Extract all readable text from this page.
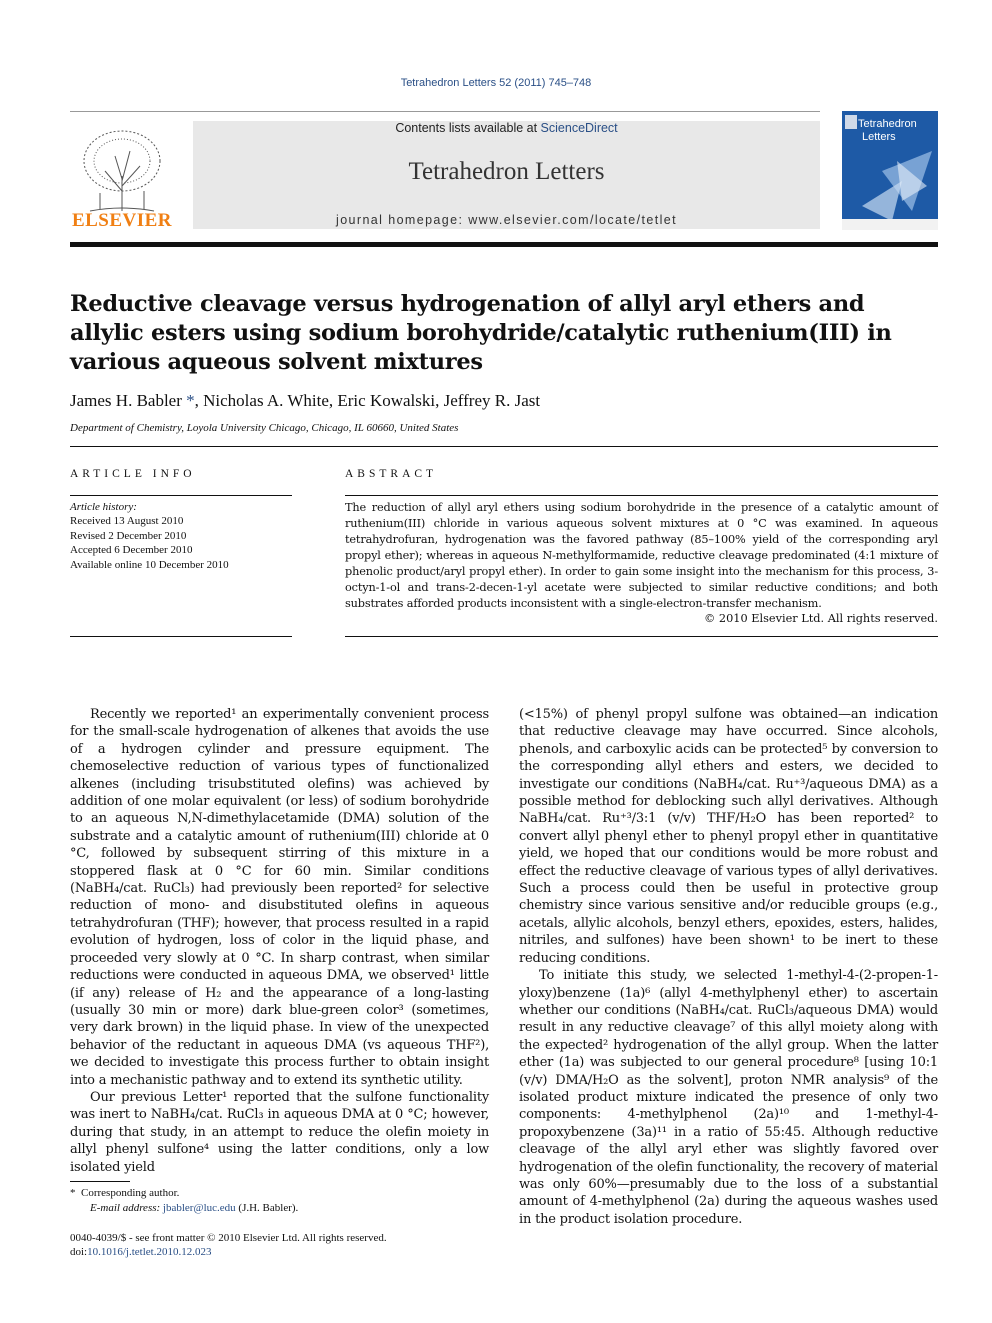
Tetrahedron Letters 52 (2011) 745–748
ELSEVIER
Contents lists available at ScienceDirect
Tetrahedron Letters
journal homepage: www.elsevier.com/locate/tetlet
Tetrahedron
Letters
Reductive cleavage versus hydrogenation of allyl aryl ethers and allylic esters using sodium borohydride/catalytic ruthenium(III) in various aqueous solvent mixtures
James H. Babler *, Nicholas A. White, Eric Kowalski, Jeffrey R. Jast
Department of Chemistry, Loyola University Chicago, Chicago, IL 60660, United States
ARTICLE INFO
Article history:
Received 13 August 2010
Revised 2 December 2010
Accepted 6 December 2010
Available online 10 December 2010
ABSTRACT
The reduction of allyl aryl ethers using sodium borohydride in the presence of a catalytic amount of ruthenium(III) chloride in various aqueous solvent mixtures at 0 °C was examined. In aqueous tetrahydrofuran, hydrogenation was the favored pathway (85–100% yield of the corresponding aryl propyl ether); whereas in aqueous N-methylformamide, reductive cleavage predominated (4:1 mixture of phenolic product/aryl propyl ether). In order to gain some insight into the mechanism for this process, 3-octyn-1-ol and trans-2-decen-1-yl acetate were subjected to similar reductive conditions; and both substrates afforded products inconsistent with a single-electron-transfer mechanism.
© 2010 Elsevier Ltd. All rights reserved.

Recently we reported¹ an experimentally convenient process for the small-scale hydrogenation of alkenes that avoids the use of a hydrogen cylinder and pressure equipment. The chemoselective reduction of various types of functionalized alkenes (including trisubstituted olefins) was achieved by addition of one molar equivalent (or less) of sodium borohydride to an aqueous N,N-dimethylacetamide (DMA) solution of the substrate and a catalytic amount of ruthenium(III) chloride at 0 °C, followed by subsequent stirring of this mixture in a stoppered flask at 0 °C for 60 min. Similar conditions (NaBH₄/cat. RuCl₃) had previously been reported² for selective reduction of mono- and disubstituted olefins in aqueous tetrahydrofuran (THF); however, that process resulted in a rapid evolution of hydrogen, loss of color in the liquid phase, and proceeded very slowly at 0 °C. In sharp contrast, when similar reductions were conducted in aqueous DMA, we observed¹ little (if any) release of H₂ and the appearance of a long-lasting (usually 30 min or more) dark blue-green color³ (sometimes, very dark brown) in the liquid phase. In view of the unexpected behavior of the reductant in aqueous DMA (vs aqueous THF²), we decided to investigate this process further to obtain insight into a mechanistic pathway and to extend its synthetic utility.

Our previous Letter¹ reported that the sulfone functionality was inert to NaBH₄/cat. RuCl₃ in aqueous DMA at 0 °C; however, during that study, in an attempt to reduce the olefin moiety in allyl phenyl sulfone⁴ using the latter conditions, only a low isolated yield

(<15%) of phenyl propyl sulfone was obtained—an indication that reductive cleavage may have occurred. Since alcohols, phenols, and carboxylic acids can be protected⁵ by conversion to the corresponding allyl ethers and esters, we decided to investigate our conditions (NaBH₄/cat. Ru⁺³/aqueous DMA) as a possible method for deblocking such allyl derivatives. Although NaBH₄/cat. Ru⁺³/3:1 (v/v) THF/H₂O has been reported² to convert allyl phenyl ether to phenyl propyl ether in quantitative yield, we hoped that our conditions would be more robust and effect the reductive cleavage of various types of allyl derivatives. Such a process could then be useful in protective group chemistry since various sensitive and/or reducible groups (e.g., acetals, allylic alcohols, benzyl ethers, epoxides, esters, halides, nitriles, and sulfones) have been shown¹ to be inert to these reducing conditions.

To initiate this study, we selected 1-methyl-4-(2-propen-1-yloxy)benzene (1a)⁶ (allyl 4-methylphenyl ether) to ascertain whether our conditions (NaBH₄/cat. RuCl₃/aqueous DMA) would result in any reductive cleavage⁷ of this allyl moiety along with the expected² hydrogenation of the allyl group. When the latter ether (1a) was subjected to our general procedure⁸ [using 10:1 (v/v) DMA/H₂O as the solvent], proton NMR analysis⁹ of the isolated product mixture indicated the presence of only two components: 4-methylphenol (2a)¹⁰ and 1-methyl-4-propoxybenzene (3a)¹¹ in a ratio of 55:45. Although reductive cleavage of the allyl aryl ether was slightly favored over hydrogenation of the olefin functionality, the recovery of material was only 60%—presumably due to the loss of a substantial amount of 4-methylphenol (2a) during the aqueous washes used in the product isolation procedure.

* Corresponding author.
E-mail address: jbabler@luc.edu (J.H. Babler).
0040-4039/$ - see front matter © 2010 Elsevier Ltd. All rights reserved.
doi:10.1016/j.tetlet.2010.12.023
